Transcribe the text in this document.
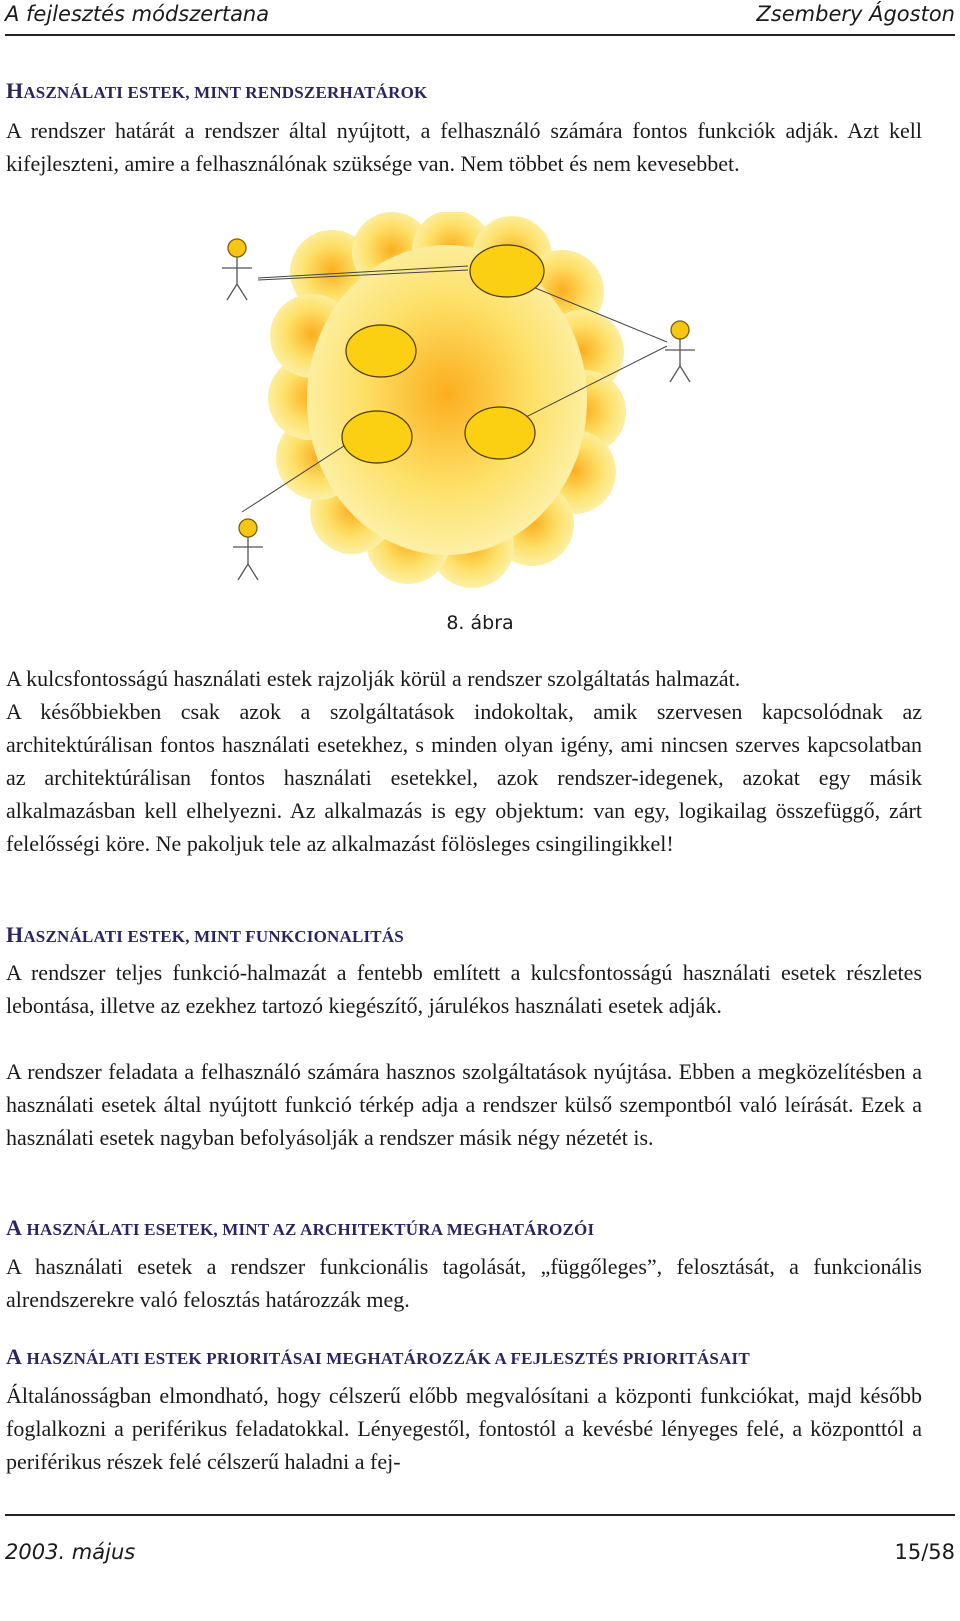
A fejlesztés módszertana	Zsembery Ágoston
HASZNÁLATI ESTEK, MINT RENDSZERHATÁROK

A rendszer határát a rendszer által nyújtott, a felhasználó számára fontos funkciók adják. Azt kell kifejleszteni, amire a felhasználónak szüksége van. Nem többet és nem kevesebbet.

8. ábra

A kulcsfontosságú használati estek rajzolják körül a rendszer szolgáltatás halmazát.

A későbbiekben csak azok a szolgáltatások indokoltak, amik szervesen kapcsolódnak az architektúrálisan fontos használati esetekhez, s minden olyan igény, ami nincsen szerves kapcsolatban az architektúrálisan fontos használati esetekkel, azok rendszer-idegenek, azokat egy másik alkalmazásban kell elhelyezni. Az alkalmazás is egy objektum: van egy, logikailag összefüggő, zárt felelősségi köre. Ne pakoljuk tele az alkalmazást fölösleges csingilingikkel!

HASZNÁLATI ESTEK, MINT FUNKCIONALITÁS

A rendszer teljes funkció-halmazát a fentebb említett a kulcsfontosságú használati esetek részletes lebontása, illetve az ezekhez tartozó kiegészítő, járulékos használati esetek adják.

A rendszer feladata a felhasználó számára hasznos szolgáltatások nyújtása. Ebben a megközelítésben a használati esetek által nyújtott funkció térkép adja a rendszer külső szempontból való leírását. Ezek a használati esetek nagyban befolyásolják a rendszer másik négy nézetét is.

A HASZNÁLATI ESETEK, MINT AZ ARCHITEKTÚRA MEGHATÁROZÓI

A használati esetek a rendszer funkcionális tagolását, „függőleges”, felosztását, a funkcionális alrendszerekre való felosztás határozzák meg.

A HASZNÁLATI ESTEK PRIORITÁSAI MEGHATÁROZZÁK A FEJLESZTÉS PRIORITÁSAIT

Általánosságban elmondható, hogy célszerű előbb megvalósítani a központi funkciókat, majd később foglalkozni a periférikus feladatokkal. Lényegestől, fontostól a kevésbé lényeges felé, a központtól a periférikus részek felé célszerű haladni a fej-

2003. május	15/58
